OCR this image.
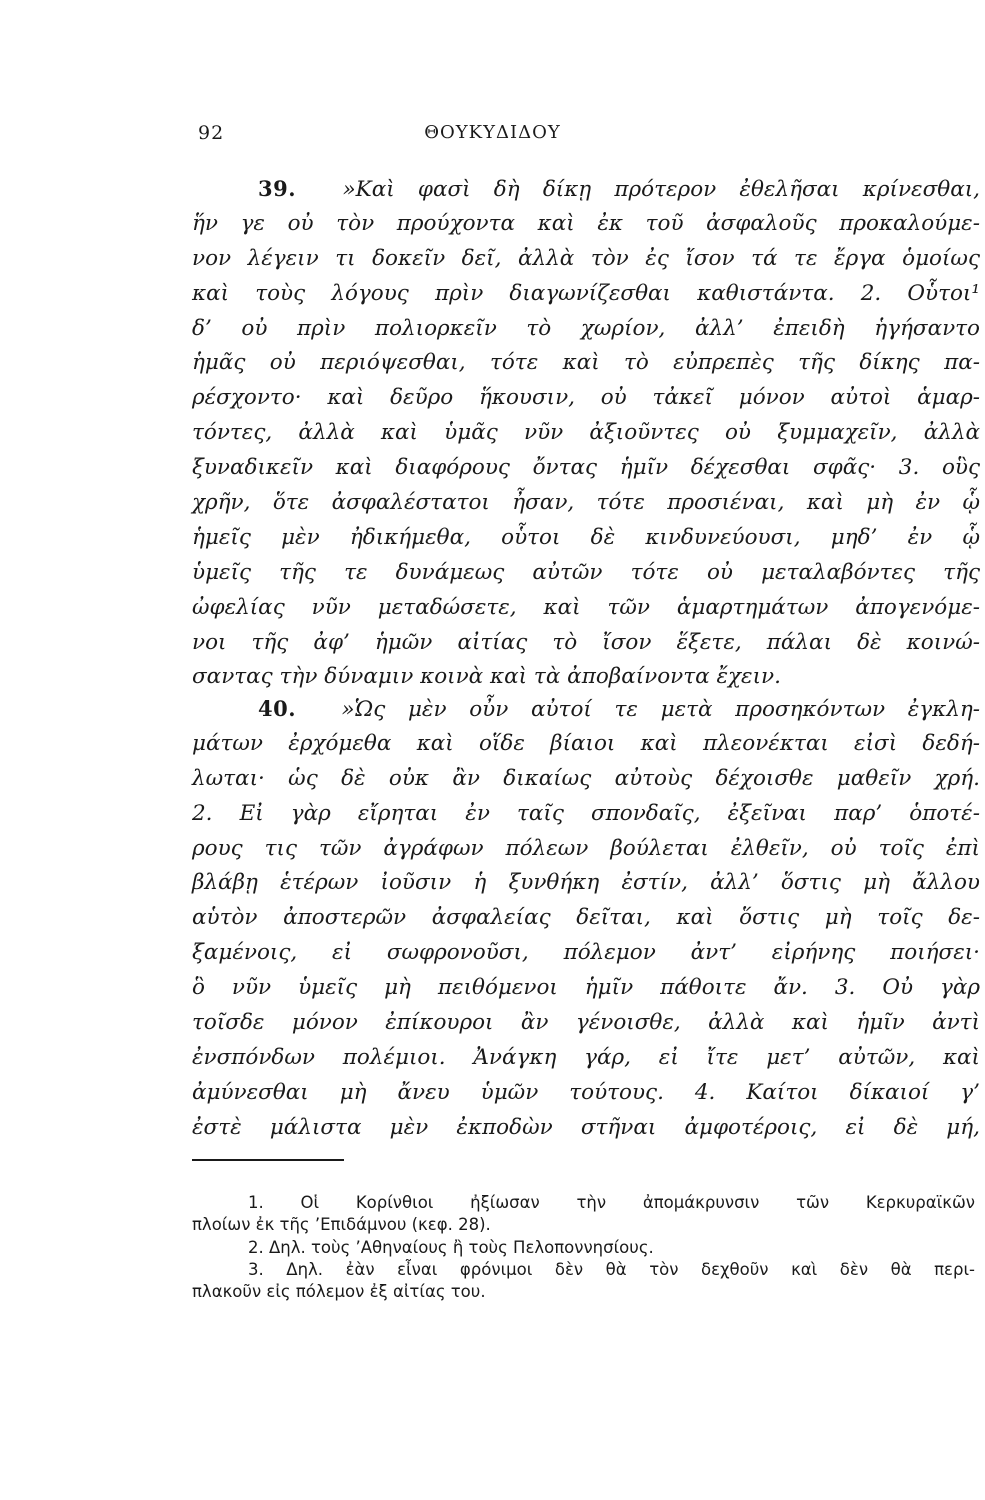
92	ΘΟΥΚΥΔΙΔΟΥ
39. »Καὶ φασὶ δὴ δίκῃ πρότερον ἐθελῆσαι κρίνεσθαι,
ἥν γε οὐ τὸν προύχοντα καὶ ἐκ τοῦ ἀσφαλοῦς προκαλούμε-
νον λέγειν τι δοκεῖν δεῖ, ἀλλὰ τὸν ἐς ἴσον τά τε ἔργα ὁμοίως
καὶ τοὺς λόγους πρὶν διαγωνίζεσθαι καθιστάντα. 2. Οὗτοι¹
δ’ οὐ πρὶν πολιορκεῖν τὸ χωρίον, ἀλλ’ ἐπειδὴ ἡγήσαντο
ἡμᾶς οὐ περιόψεσθαι, τότε καὶ τὸ εὐπρεπὲς τῆς δίκης πα-
ρέσχοντο· καὶ δεῦρο ἥκουσιν, οὐ τἀκεῖ μόνον αὐτοὶ ἁμαρ-
τόντες, ἀλλὰ καὶ ὑμᾶς νῦν ἀξιοῦντες οὐ ξυμμαχεῖν, ἀλλὰ
ξυναδικεῖν καὶ διαφόρους ὄντας ἡμῖν δέχεσθαι σφᾶς· 3. οὓς
χρῆν, ὅτε ἀσφαλέστατοι ἦσαν, τότε προσιέναι, καὶ μὴ ἐν ᾧ
ἡμεῖς μὲν ἠδικήμεθα, οὗτοι δὲ κινδυνεύουσι, μηδ’ ἐν ᾧ
ὑμεῖς τῆς τε δυνάμεως αὐτῶν τότε οὐ μεταλαβόντες τῆς
ὠφελίας νῦν μεταδώσετε, καὶ τῶν ἁμαρτημάτων ἀπογενόμε-
νοι τῆς ἀφ’ ἡμῶν αἰτίας τὸ ἴσον ἕξετε, πάλαι δὲ κοινώ-
σαντας τὴν δύναμιν κοινὰ καὶ τὰ ἀποβαίνοντα ἔχειν.
40. »Ὡς μὲν οὖν αὐτοί τε μετὰ προσηκόντων ἐγκλη-
μάτων ἐρχόμεθα καὶ οἵδε βίαιοι καὶ πλεονέκται εἰσὶ δεδή-
λωται· ὡς δὲ οὐκ ἂν δικαίως αὐτοὺς δέχοισθε μαθεῖν χρή.
2. Εἰ γὰρ εἴρηται ἐν ταῖς σπονδαῖς, ἐξεῖναι παρ’ ὁποτέ-
ρους τις τῶν ἀγράφων πόλεων βούλεται ἐλθεῖν, οὐ τοῖς ἐπὶ
βλάβῃ ἑτέρων ἰοῦσιν ἡ ξυνθήκη ἐστίν, ἀλλ’ ὅστις μὴ ἄλλου
αὑτὸν ἀποστερῶν ἀσφαλείας δεῖται, καὶ ὅστις μὴ τοῖς δε-
ξαμένοις, εἰ σωφρονοῦσι, πόλεμον ἀντ’ εἰρήνης ποιήσει·
ὃ νῦν ὑμεῖς μὴ πειθόμενοι ἡμῖν πάθοιτε ἄν. 3. Οὐ γὰρ
τοῖσδε μόνον ἐπίκουροι ἂν γένοισθε, ἀλλὰ καὶ ἡμῖν ἀντὶ
ἐνσπόνδων πολέμιοι. Ἀνάγκη γάρ, εἰ ἴτε μετ’ αὐτῶν, καὶ
ἀμύνεσθαι μὴ ἄνευ ὑμῶν τούτους. 4. Καίτοι δίκαιοί γ’
ἐστὲ μάλιστα μὲν ἐκποδὼν στῆναι ἀμφοτέροις, εἰ δὲ μή,
1. Οἱ Κορίνθιοι ἠξίωσαν τὴν ἀπομάκρυνσιν τῶν Κερκυραϊκῶν
πλοίων ἐκ τῆς ’Επιδάμνου (κεφ. 28).
2. Δηλ. τοὺς ’Αθηναίους ἢ τοὺς Πελοποννησίους.
3. Δηλ. ἐὰν εἶναι φρόνιμοι δὲν θὰ τὸν δεχθοῦν καὶ δὲν θὰ περι-
πλακοῦν εἰς πόλεμον ἐξ αἰτίας του.
